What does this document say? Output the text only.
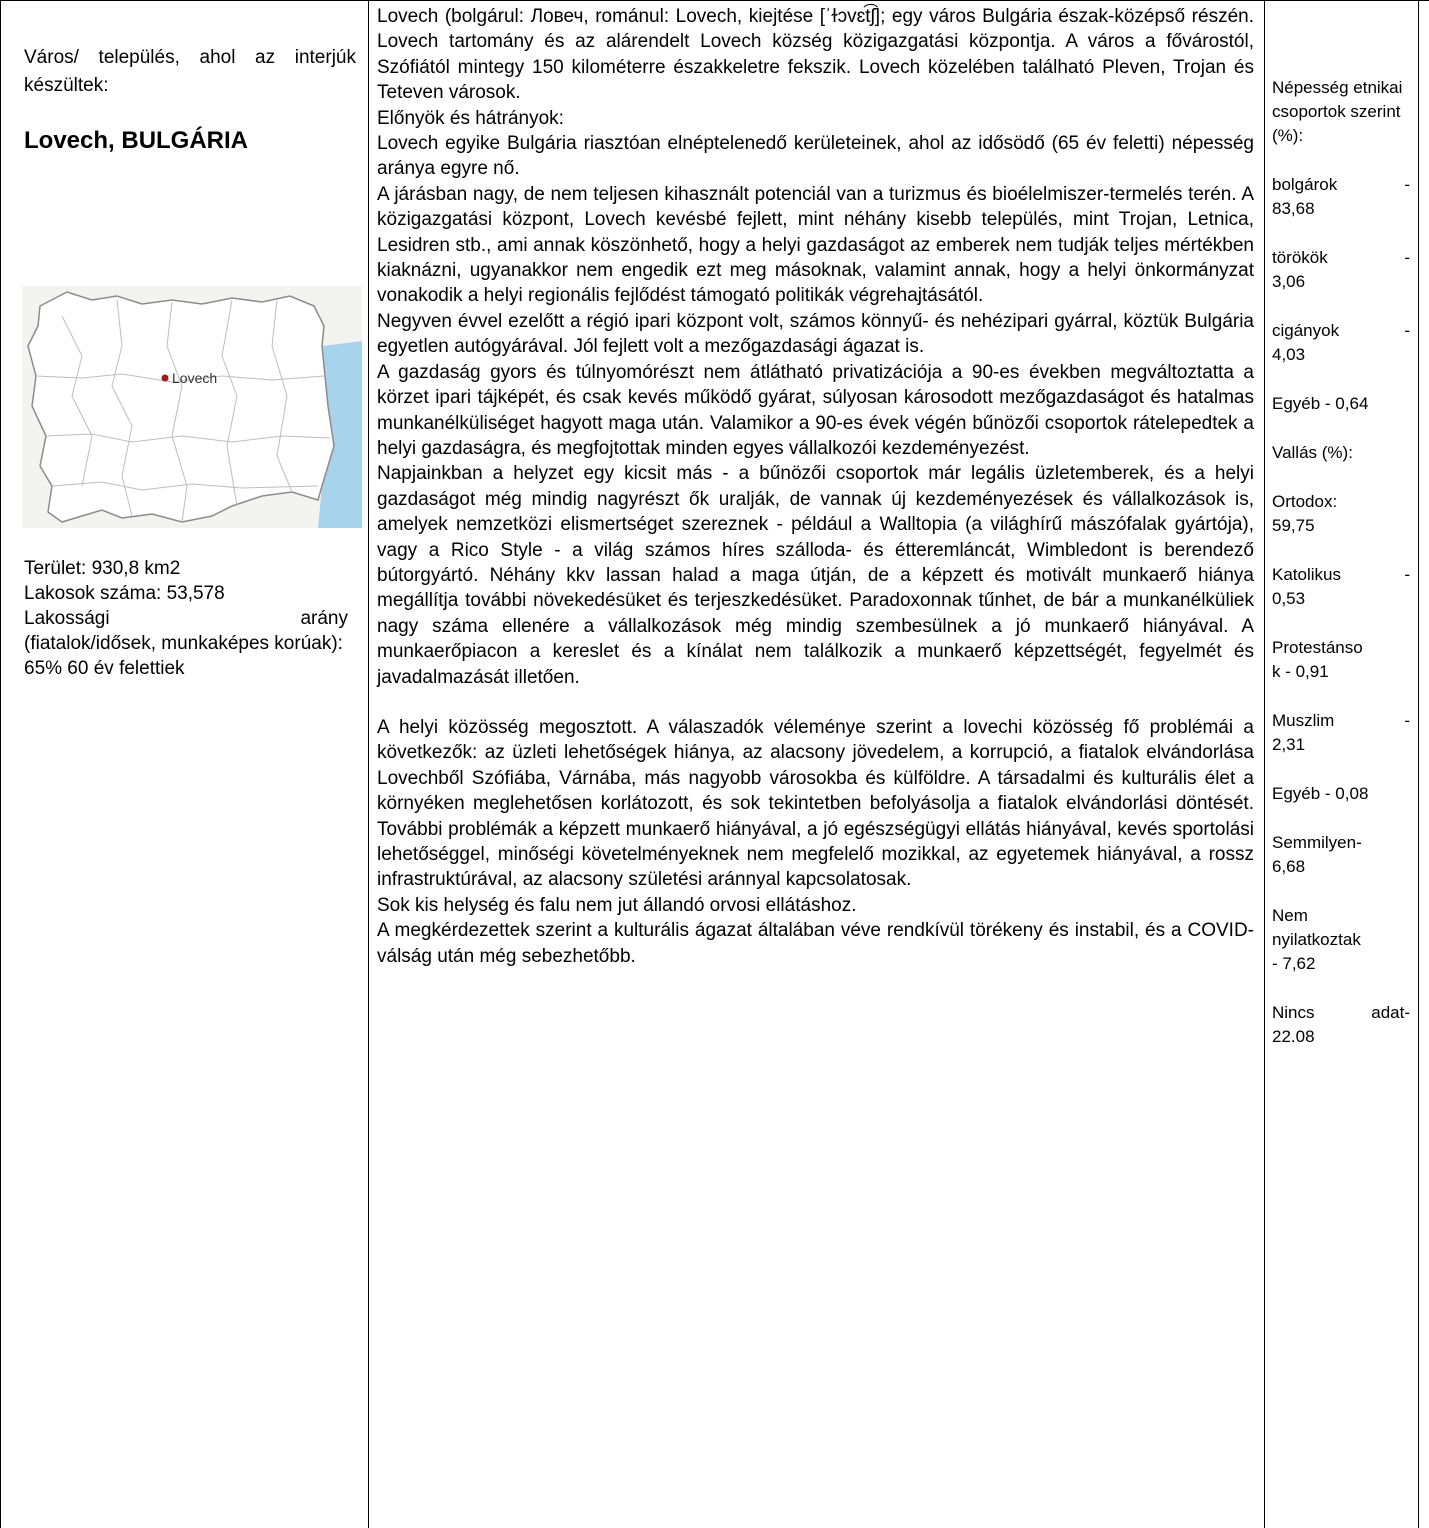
Város/ település, ahol az interjúk készültek:

Lovech, BULGÁRIA

Lovech

Terület: 930,8 km2

Lakosok száma: 53,578

Lakossági	arány

(fiatalok/idősek, munkaképes korúak): 65% 60 év felettiek

Lovech (bolgárul: Ловеч, románul: Lovech, kiejtése [ˈɫɔvɛt͡ʃ]; egy város Bulgária észak-középső részén. Lovech tartomány és az alárendelt Lovech község közigazgatási központja. A város a fővárostól, Szófiától mintegy 150 kilométerre északkeletre fekszik. Lovech közelében található Pleven, Trojan és Teteven városok.

Előnyök és hátrányok:

Lovech egyike Bulgária riasztóan elnéptelenedő kerületeinek, ahol az idősödő (65 év feletti) népesség aránya egyre nő.

A járásban nagy, de nem teljesen kihasznált potenciál van a turizmus és bioélelmiszer-termelés terén. A közigazgatási központ, Lovech kevésbé fejlett, mint néhány kisebb település, mint Trojan, Letnica, Lesidren stb., ami annak köszönhető, hogy a helyi gazdaságot az emberek nem tudják teljes mértékben kiaknázni, ugyanakkor nem engedik ezt meg másoknak, valamint annak, hogy a helyi önkormányzat vonakodik a helyi regionális fejlődést támogató politikák végrehajtásától.

Negyven évvel ezelőtt a régió ipari központ volt, számos könnyű- és nehézipari gyárral, köztük Bulgária egyetlen autógyárával. Jól fejlett volt a mezőgazdasági ágazat is.

A gazdaság gyors és túlnyomórészt nem átlátható privatizációja a 90-es években megváltoztatta a körzet ipari tájképét, és csak kevés működő gyárat, súlyosan károsodott mezőgazdaságot és hatalmas munkanélküliséget hagyott maga után. Valamikor a 90-es évek végén bűnözői csoportok rátelepedtek a helyi gazdaságra, és megfojtottak minden egyes vállalkozói kezdeményezést.

Napjainkban a helyzet egy kicsit más - a bűnözői csoportok már legális üzletemberek, és a helyi gazdaságot még mindig nagyrészt ők uralják, de vannak új kezdeményezések és vállalkozások is, amelyek nemzetközi elismertséget szereznek - például a Walltopia (a világhírű mászófalak gyártója), vagy a Rico Style - a világ számos híres szálloda- és étteremláncát, Wimbledont is berendező bútorgyártó. Néhány kkv lassan halad a maga útján, de a képzett és motivált munkaerő hiánya megállítja további növekedésüket és terjeszkedésüket. Paradoxonnak tűnhet, de bár a munkanélküliek nagy száma ellenére a vállalkozások még mindig szembesülnek a jó munkaerő hiányával. A munkaerőpiacon a kereslet és a kínálat nem találkozik a munkaerő képzettségét, fegyelmét és javadalmazását illetően.

A helyi közösség megosztott. A válaszadók véleménye szerint a lovechi közösség fő problémái a következők: az üzleti lehetőségek hiánya, az alacsony jövedelem, a korrupció, a fiatalok elvándorlása Lovechből Szófiába, Várnába, más nagyobb városokba és külföldre. A társadalmi és kulturális élet a környéken meglehetősen korlátozott, és sok tekintetben befolyásolja a fiatalok elvándorlási döntését. További problémák a képzett munkaerő hiányával, a jó egészségügyi ellátás hiányával, kevés sportolási lehetőséggel, minőségi követelményeknek nem megfelelő mozikkal, az egyetemek hiányával, a rossz infrastruktúrával, az alacsony születési aránnyal kapcsolatosak.

Sok kis helység és falu nem jut állandó orvosi ellátáshoz.

A megkérdezettek szerint a kulturális ágazat általában véve rendkívül törékeny és instabil, és a COVID-válság után még sebezhetőbb.

Népesség etnikai csoportok szerint (%):

bolgárok	-
83,68
törökök	-
3,06
cigányok	-
4,03

Egyéb - 0,64

Vallás (%):

Ortodox:
59,75
Katolikus	-
0,53
Protestánso
k - 0,91
Muszlim	-
2,31

Egyéb - 0,08

Semmilyen-
6,68
Nem
nyilatkoztak
- 7,62
Nincs	adat-
22.08
